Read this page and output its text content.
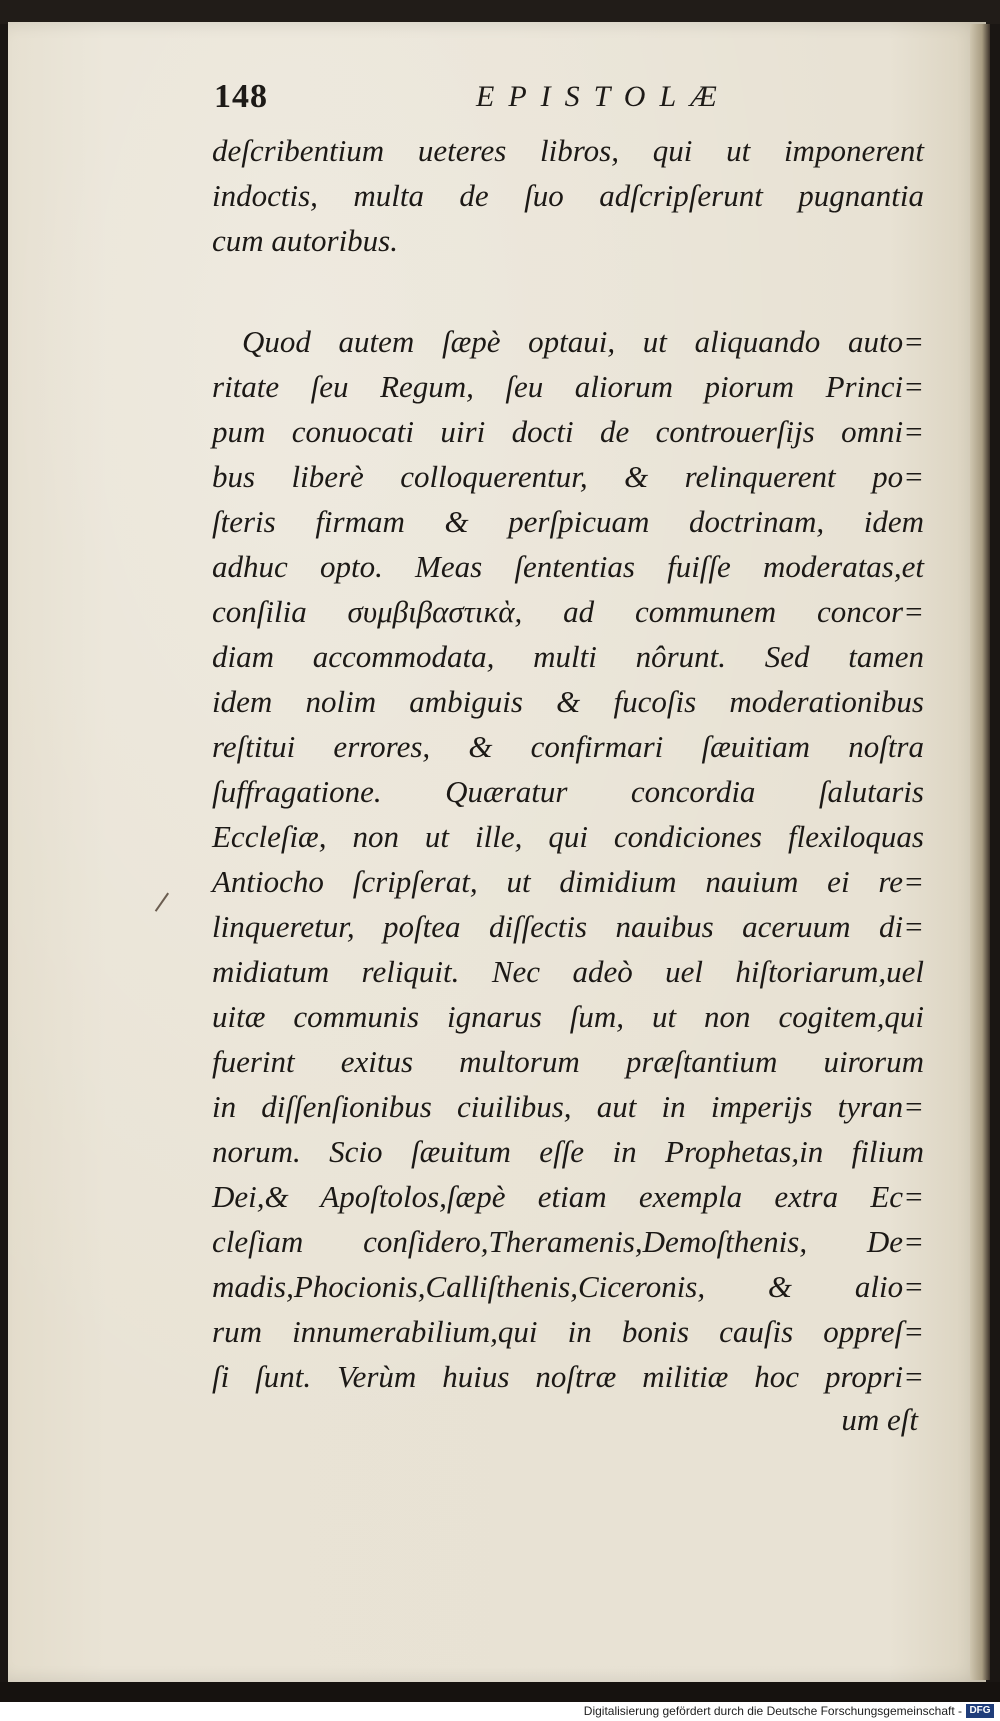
148	EPISTOLÆ
deſcribentium ueteres libros, qui ut imponerent
indoctis, multa de ſuo adſcripſerunt pugnantia
cum autoribus.
Quod autem ſæpè optaui, ut aliquando auto=
ritate ſeu Regum, ſeu aliorum piorum Princi=
pum conuocati uiri docti de controuerſijs omni=
bus liberè colloquerentur, & relinquerent po=
ſteris firmam & perſpicuam doctrinam, idem
adhuc opto. Meas ſententias fuiſſe moderatas,et
conſilia συμβιβαστικὰ, ad communem concor=
diam accommodata, multi nôrunt. Sed tamen
idem nolim ambiguis & fucoſis moderationibus
reſtitui errores, & confirmari ſæuitiam noſtra
ſuffragatione. Quæratur concordia ſalutaris
Eccleſiæ, non ut ille, qui condiciones flexiloquas
Antiocho ſcripſerat, ut dimidium nauium ei re=
linqueretur, poſtea diſſectis nauibus aceruum di=
midiatum reliquit. Nec adeò uel hiſtoriarum,uel
uitæ communis ignarus ſum, ut non cogitem,qui
fuerint exitus multorum præſtantium uirorum
in diſſenſionibus ciuilibus, aut in imperijs tyran=
norum. Scio ſæuitum eſſe in Prophetas,in filium
Dei,& Apoſtolos,ſæpè etiam exempla extra Ec=
cleſiam conſidero,Theramenis,Demoſthenis, De=
madis,Phocionis,Calliſthenis,Ciceronis, & alio=
rum innumerabilium,qui in bonis cauſis oppreſ=
ſi ſunt. Verùm huius noſtræ militiæ hoc propri=
um eſt
Digitalisierung gefördert durch die Deutsche Forschungsgemeinschaft - DFG
